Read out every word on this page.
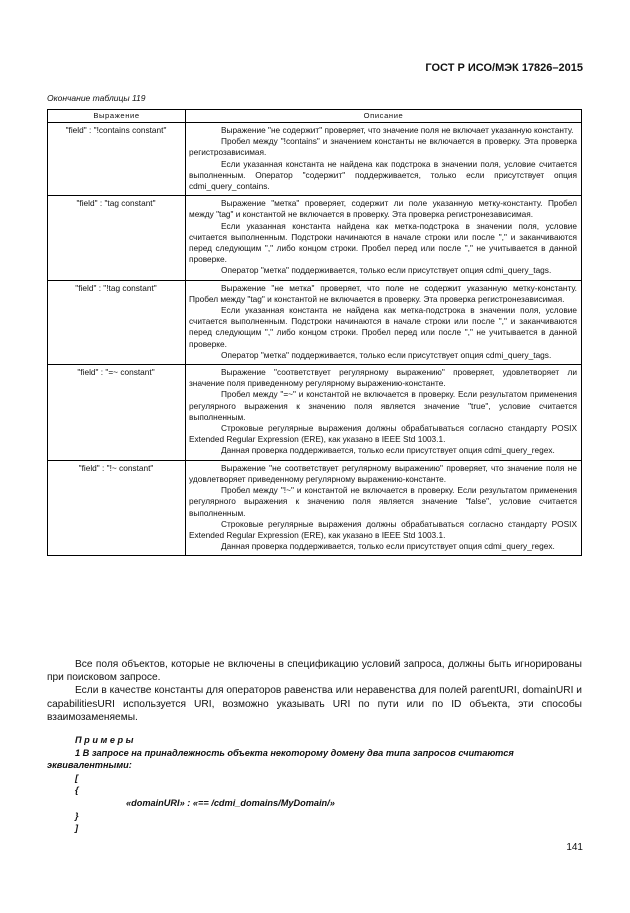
ГОСТ Р ИСО/МЭК 17826–2015
Окончание таблицы 119
Выражение	Описание
"field" : "!contains constant"	Выражение "не содержит" проверяет, что значение поля не включает указанную константу.

Пробел между "!contains" и значением константы не включается в проверку. Эта проверка регистрозависимая.

Если указанная константа не найдена как подстрока в значении поля, условие считается выполненным. Оператор "содержит" поддерживается, только если присутствует опция cdmi_query_contains.

"field" : "tag constant"	Выражение "метка" проверяет, содержит ли поле указанную метку-константу. Пробел между "tag" и константой не включается в проверку. Эта проверка регистронезависимая.

Если указанная константа найдена как метка-подстрока в значении поля, условие считается выполненным. Подстроки начинаются в начале строки или после "," и заканчиваются перед следующим "," либо концом строки. Пробел перед или после "," не учитывается в данной проверке.

Оператор "метка" поддерживается, только если присутствует опция cdmi_query_tags.

"field" : "!tag constant"	Выражение "не метка" проверяет, что поле не содержит указанную метку-константу. Пробел между "tag" и константой не включается в проверку. Эта проверка регистронезависимая.

Если указанная константа не найдена как метка-подстрока в значении поля, условие считается выполненным. Подстроки начинаются в начале строки или после "," и заканчиваются перед следующим "," либо концом строки. Пробел перед или после "," не учитывается в данной проверке.

Оператор "метка" поддерживается, только если присутствует опция cdmi_query_tags.

"field" : "=~ constant"	Выражение "соответствует регулярному выражению" проверяет, удовлетворяет ли значение поля приведенному регулярному выражению-константе.

Пробел между "=~" и константой не включается в проверку. Если результатом применения регулярного выражения к значению поля является значение "true", условие считается выполненным.

Строковые регулярные выражения должны обрабатываться согласно стандарту POSIX Extended Regular Expression (ERE), как указано в IEEE Std 1003.1.

Данная проверка поддерживается, только если присутствует опция cdmi_query_regex.

"field" : "!~ constant"	Выражение "не соответствует регулярному выражению" проверяет, что значение поля не удовлетворяет приведенному регулярному выражению-константе.

Пробел между "!~" и константой не включается в проверку. Если результатом применения регулярного выражения к значению поля является значение "false", условие считается выполненным.

Строковые регулярные выражения должны обрабатываться согласно стандарту POSIX Extended Regular Expression (ERE), как указано в IEEE Std 1003.1.

Данная проверка поддерживается, только если присутствует опция cdmi_query_regex.

Все поля объектов, которые не включены в спецификацию условий запроса, должны быть игнорированы при поисковом запросе.

Если в качестве константы для операторов равенства или неравенства для полей parentURI, domainURI и capabilitiesURI используется URI, возможно указывать URI по пути или по ID объекта, эти способы взаимозаменяемы.

П р и м е р ы
1 В запросе на принадлежность объекта некоторому домену два типа запросов считаются эквивалентными:
[
{
«domainURI» : «== /cdmi_domains/MyDomain/»
}
]
141
